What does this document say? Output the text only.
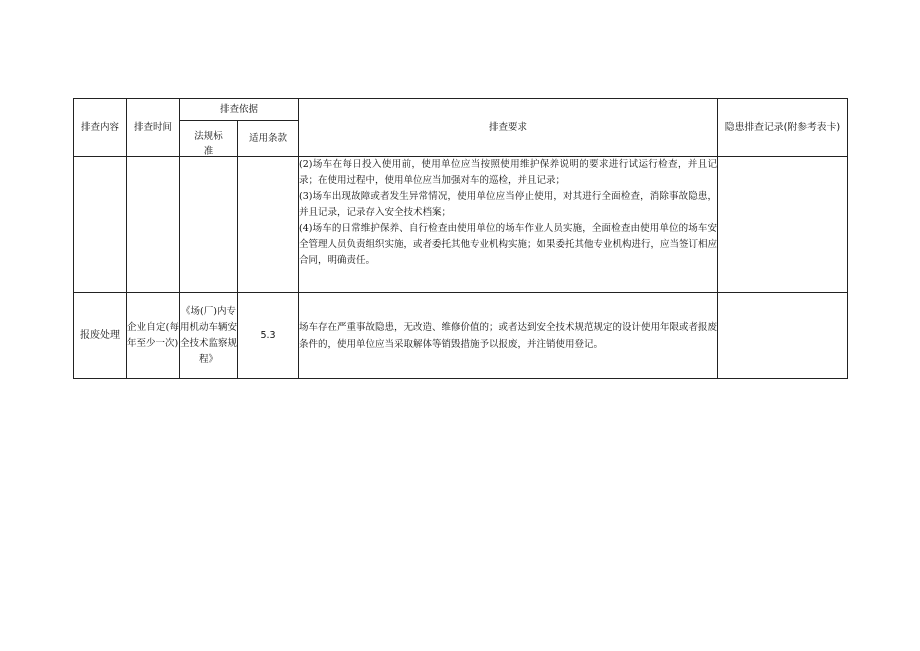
排查内容	排查时间	排查依据		排查要求	隐患排查记录(附参考表卡)

		法规标准	适用条款		

				(2)场车在每日投入使用前，使用单位应当按照使用维护保养说明的要求进行试运行检查，并且记录；在使用过程中，使用单位应当加强对车的巡检，并且记录；

(3)场车出现故障或者发生异常情况，使用单位应当停止使用，对其进行全面检查，消除事故隐患，并且记录，记录存入安全技术档案；

(4)场车的日常维护保养、自行检查由使用单位的场车作业人员实施，全面检查由使用单位的场车安全管理人员负责组织实施，或者委托其他专业机构实施；如果委托其他专业机构进行，应当签订相应合同，明确责任。	

报废处理	企业自定(每年至少一次)	《场(厂)内专用机动车辆安全技术监察规程》	5.3	场车存在严重事故隐患，无改造、维修价值的；或者达到安全技术规范规定的设计使用年限或者报废条件的，使用单位应当采取解体等销毁措施予以报废，并注销使用登记。	
